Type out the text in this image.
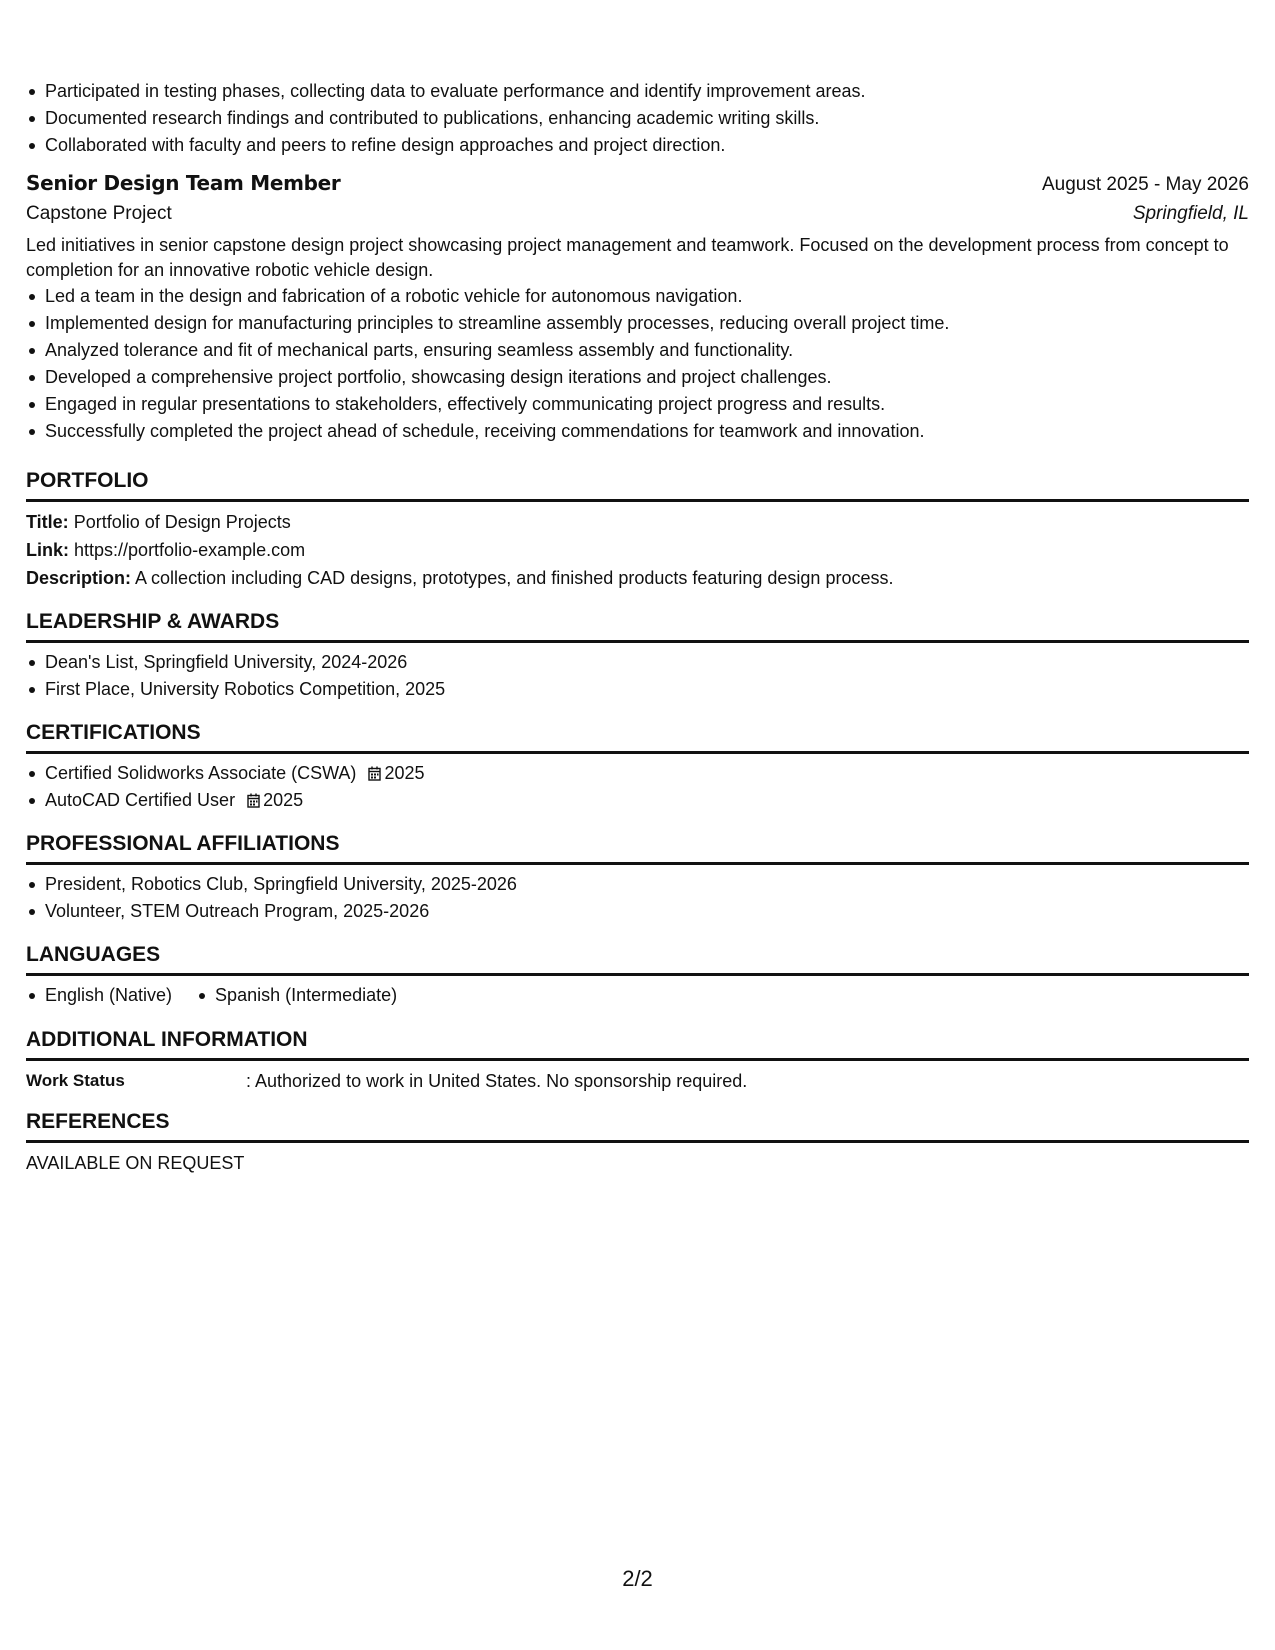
Participated in testing phases, collecting data to evaluate performance and identify improvement areas.
Documented research findings and contributed to publications, enhancing academic writing skills.
Collaborated with faculty and peers to refine design approaches and project direction.
Senior Design Team Member	August 2025 - May 2026
Capstone Project	Springfield, IL
Led initiatives in senior capstone design project showcasing project management and teamwork. Focused on the development process from concept to completion for an innovative robotic vehicle design.
Led a team in the design and fabrication of a robotic vehicle for autonomous navigation.
Implemented design for manufacturing principles to streamline assembly processes, reducing overall project time.
Analyzed tolerance and fit of mechanical parts, ensuring seamless assembly and functionality.
Developed a comprehensive project portfolio, showcasing design iterations and project challenges.
Engaged in regular presentations to stakeholders, effectively communicating project progress and results.
Successfully completed the project ahead of schedule, receiving commendations for teamwork and innovation.
PORTFOLIO
Title: Portfolio of Design Projects
Link: https://portfolio-example.com
Description: A collection including CAD designs, prototypes, and finished products featuring design process.
LEADERSHIP & AWARDS
Dean's List, Springfield University, 2024-2026
First Place, University Robotics Competition, 2025
CERTIFICATIONS
Certified Solidworks Associate (CSWA) 2025
AutoCAD Certified User 2025
PROFESSIONAL AFFILIATIONS
President, Robotics Club, Springfield University, 2025-2026
Volunteer, STEM Outreach Program, 2025-2026
LANGUAGES
English (Native)	Spanish (Intermediate)
ADDITIONAL INFORMATION
Work Status	: Authorized to work in United States. No sponsorship required.
REFERENCES
AVAILABLE ON REQUEST
2/2
